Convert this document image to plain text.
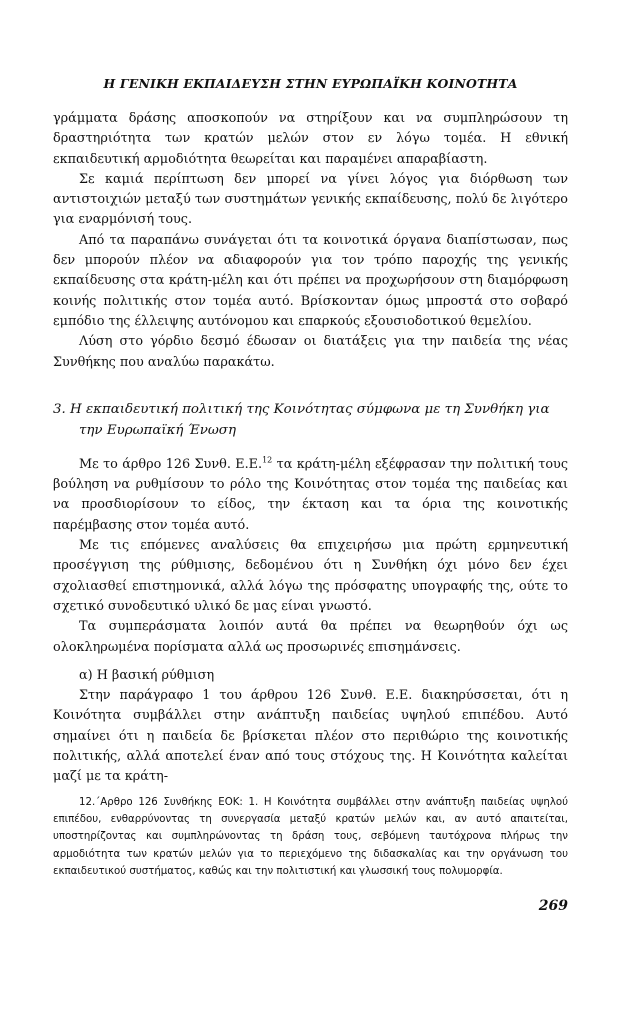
Η ΓΕΝΙΚΗ ΕΚΠΑΙΔΕΥΣΗ ΣΤΗΝ ΕΥΡΩΠΑΪΚΗ ΚΟΙΝΟΤΗΤΑ

γράμματα δράσης αποσκοπούν να στηρίξουν και να συμπληρώσουν τη δραστηριότητα των κρατών μελών στον εν λόγω τομέα. Η εθνική εκπαιδευτική αρμοδιότητα θεωρείται και παραμένει απαραβίαστη.

Σε καμιά περίπτωση δεν μπορεί να γίνει λόγος για διόρθωση των αντιστοιχιών μεταξύ των συστημάτων γενικής εκπαίδευσης, πολύ δε λιγότερο για εναρμόνισή τους.

Από τα παραπάνω συνάγεται ότι τα κοινοτικά όργανα διαπίστωσαν, πως δεν μπορούν πλέον να αδιαφορούν για τον τρόπο παροχής της γενικής εκπαίδευσης στα κράτη-μέλη και ότι πρέπει να προχωρήσουν στη διαμόρφωση κοινής πολιτικής στον τομέα αυτό. Βρίσκονταν όμως μπροστά στο σοβαρό εμπόδιο της έλλειψης αυτόνομου και επαρκούς εξουσιοδοτικού θεμελίου.

Λύση στο γόρδιο δεσμό έδωσαν οι διατάξεις για την παιδεία της νέας Συνθήκης που αναλύω παρακάτω.

3. Η εκπαιδευτική πολιτική της Κοινότητας σύμφωνα με τη Συνθήκη για την Ευρωπαϊκή Ένωση

Με το άρθρο 126 Συνθ. Ε.Ε.$^{12}$ τα κράτη-μέλη εξέφρασαν την πολιτική τους βούληση να ρυθμίσουν το ρόλο της Κοινότητας στον τομέα της παιδείας και να προσδιορίσουν το είδος, την έκταση και τα όρια της κοινοτικής παρέμβασης στον τομέα αυτό.

Με τις επόμενες αναλύσεις θα επιχειρήσω μια πρώτη ερμηνευτική προσέγγιση της ρύθμισης, δεδομένου ότι η Συνθήκη όχι μόνο δεν έχει σχολιασθεί επιστημονικά, αλλά λόγω της πρόσφατης υπογραφής της, ούτε το σχετικό συνοδευτικό υλικό δε μας είναι γνωστό.

Τα συμπεράσματα λοιπόν αυτά θα πρέπει να θεωρηθούν όχι ως ολοκληρωμένα πορίσματα αλλά ως προσωρινές επισημάνσεις.

α) Η βασική ρύθμιση

Στην παράγραφο 1 του άρθρου 126 Συνθ. Ε.Ε. διακηρύσσεται, ότι η Κοινότητα συμβάλλει στην ανάπτυξη παιδείας υψηλού επιπέδου. Αυτό σημαίνει ότι η παιδεία δε βρίσκεται πλέον στο περιθώριο της κοινοτικής πολιτικής, αλλά αποτελεί έναν από τους στόχους της. Η Κοινότητα καλείται μαζί με τα κράτη-

12.΄Αρθρο 126 Συνθήκης ΕΟΚ: 1. Η Κοινότητα συμβάλλει στην ανάπτυξη παιδείας υψηλού επιπέδου, ενθαρρύνοντας τη συνεργασία μεταξύ κρατών μελών και, αν αυτό απαιτείται, υποστηρίζοντας και συμπληρώνοντας τη δράση τους, σεβόμενη ταυτόχρονα πλήρως την αρμοδιότητα των κρατών μελών για το περιεχόμενο της διδασκαλίας και την οργάνωση του εκπαιδευτικού συστήματος, καθώς και την πολιτιστική και γλωσσική τους πολυμορφία.
269
